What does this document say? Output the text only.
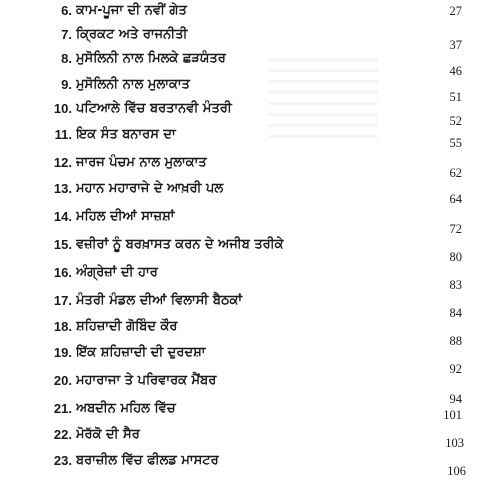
6. ਕਾਮ-ਪੂਜਾ ਦੀ ਨਵੀਂ ਗੇਤ	27
7. ਕ੍ਰਿਕਟ ਅਤੇ ਰਾਜਨੀਤੀ
37
8. ਮੁਸੋਲਿਨੀ ਨਾਲ ਮਿਲਕੇ ਛੜਯੰਤਰ
46
9. ਮੁਸੋਲਿਨੀ ਨਾਲ ਮੁਲਾਕਾਤ
51
10. ਪਟਿਆਲੇ ਵਿੱਚ ਬਰਤਾਨਵੀ ਮੰਤਰੀ
52
11. ਇਕ ਸੰਤ ਬਨਾਰਸ ਦਾ
55
12. ਜਾਰਜ ਪੰਚਮ ਨਾਲ ਮੁਲਾਕਾਤ
62
13. ਮਹਾਨ ਮਹਾਰਾਜੇ ਦੇ ਆਖ਼ਰੀ ਪਲ
64
14. ਮਹਿਲ ਦੀਆਂ ਸਾਜ਼ਸ਼ਾਂ
72
15. ਵਜ਼ੀਰਾਂ ਨੂੰ ਬਰਖ਼ਾਸਤ ਕਰਨ ਦੇ ਅਜੀਬ ਤਰੀਕੇ
80
16. ਅੰਗ੍ਰੇਜ਼ਾਂ ਦੀ ਹਾਰ
83
17. ਮੰਤਰੀ ਮੰਡਲ ਦੀਆਂ ਵਿਲਾਸੀ ਬੈਠਕਾਂ
84
18. ਸ਼ਹਿਜ਼ਾਦੀ ਗੋਬਿੰਦ ਕੌਰ
88
19. ਇੱਕ ਸ਼ਹਿਜ਼ਾਦੀ ਦੀ ਦੁਰਦਸ਼ਾ
92
20. ਮਹਾਰਾਜਾ ਤੇ ਪਰਿਵਾਰਕ ਮੈਂਬਰ
94
21. ਅਬਦੀਨ ਮਹਿਲ ਵਿੱਚ	101
22. ਮੋਰੱਕੋ ਦੀ ਸੈਰ
103
23. ਬਰਾਜ਼ੀਲ ਵਿੱਚ ਫੀਲਡ ਮਾਸਟਰ
106
